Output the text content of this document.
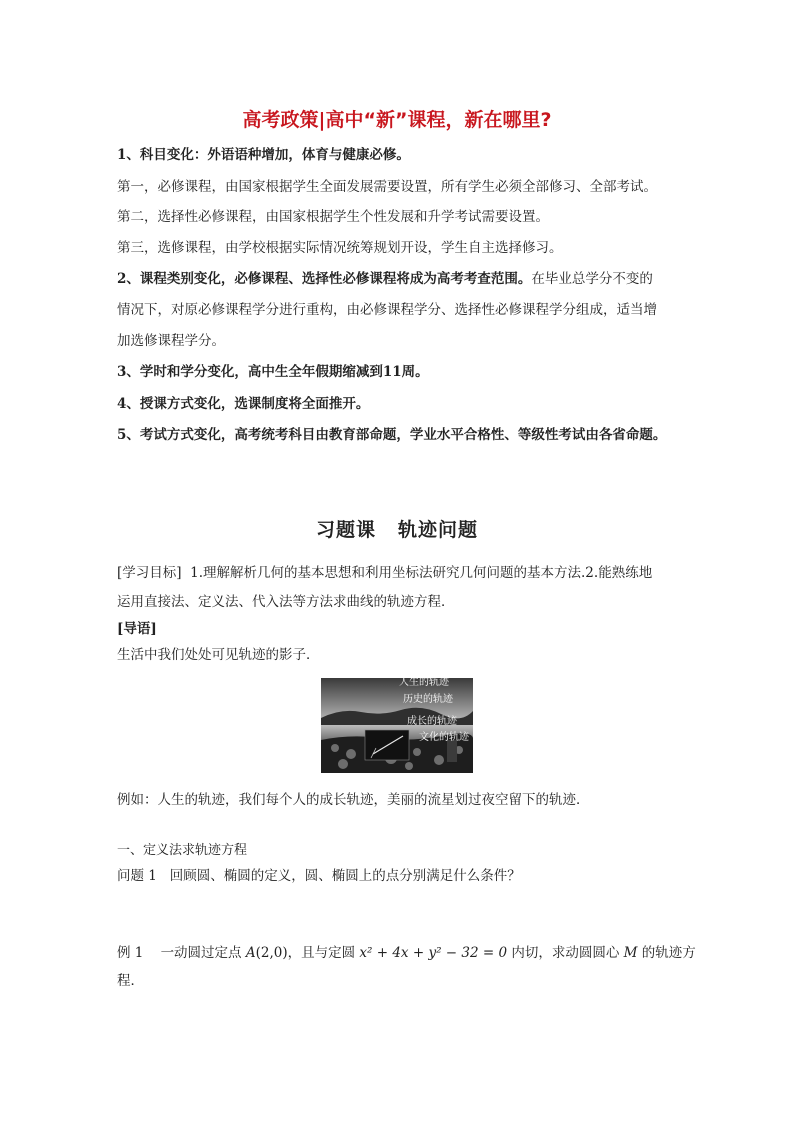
高考政策|高中“新”课程，新在哪里?
1、科目变化：外语语种增加，体育与健康必修。
第一，必修课程，由国家根据学生全面发展需要设置，所有学生必须全部修习、全部考试。
第二，选择性必修课程，由国家根据学生个性发展和升学考试需要设置。
第三，选修课程，由学校根据实际情况统筹规划开设，学生自主选择修习。
2、课程类别变化，必修课程、选择性必修课程将成为高考考查范围。在毕业总学分不变的
情况下，对原必修课程学分进行重构，由必修课程学分、选择性必修课程学分组成，适当增
加选修课程学分。
3、学时和学分变化，高中生全年假期缩减到11周。
4、授课方式变化，选课制度将全面推开。
5、考试方式变化，高考统考科目由教育部命题，学业水平合格性、等级性考试由各省命题。
习题课 轨迹问题
[学习目标] 1.理解解析几何的基本思想和利用坐标法研究几何问题的基本方法.2.能熟练地
运用直接法、定义法、代入法等方法求曲线的轨迹方程．
[导语]
生活中我们处处可见轨迹的影子．
人生的轨迹
历史的轨迹
成长的轨迹
文化的轨迹
例如：人生的轨迹，我们每个人的成长轨迹，美丽的流星划过夜空留下的轨迹．
一、定义法求轨迹方程
问题 1 回顾圆、椭圆的定义，圆、椭圆上的点分别满足什么条件？
例 1 一动圆过定点 A(2,0)，且与定圆 x² + 4x + y² − 32 = 0 内切，求动圆圆心 M 的轨迹方
程．
